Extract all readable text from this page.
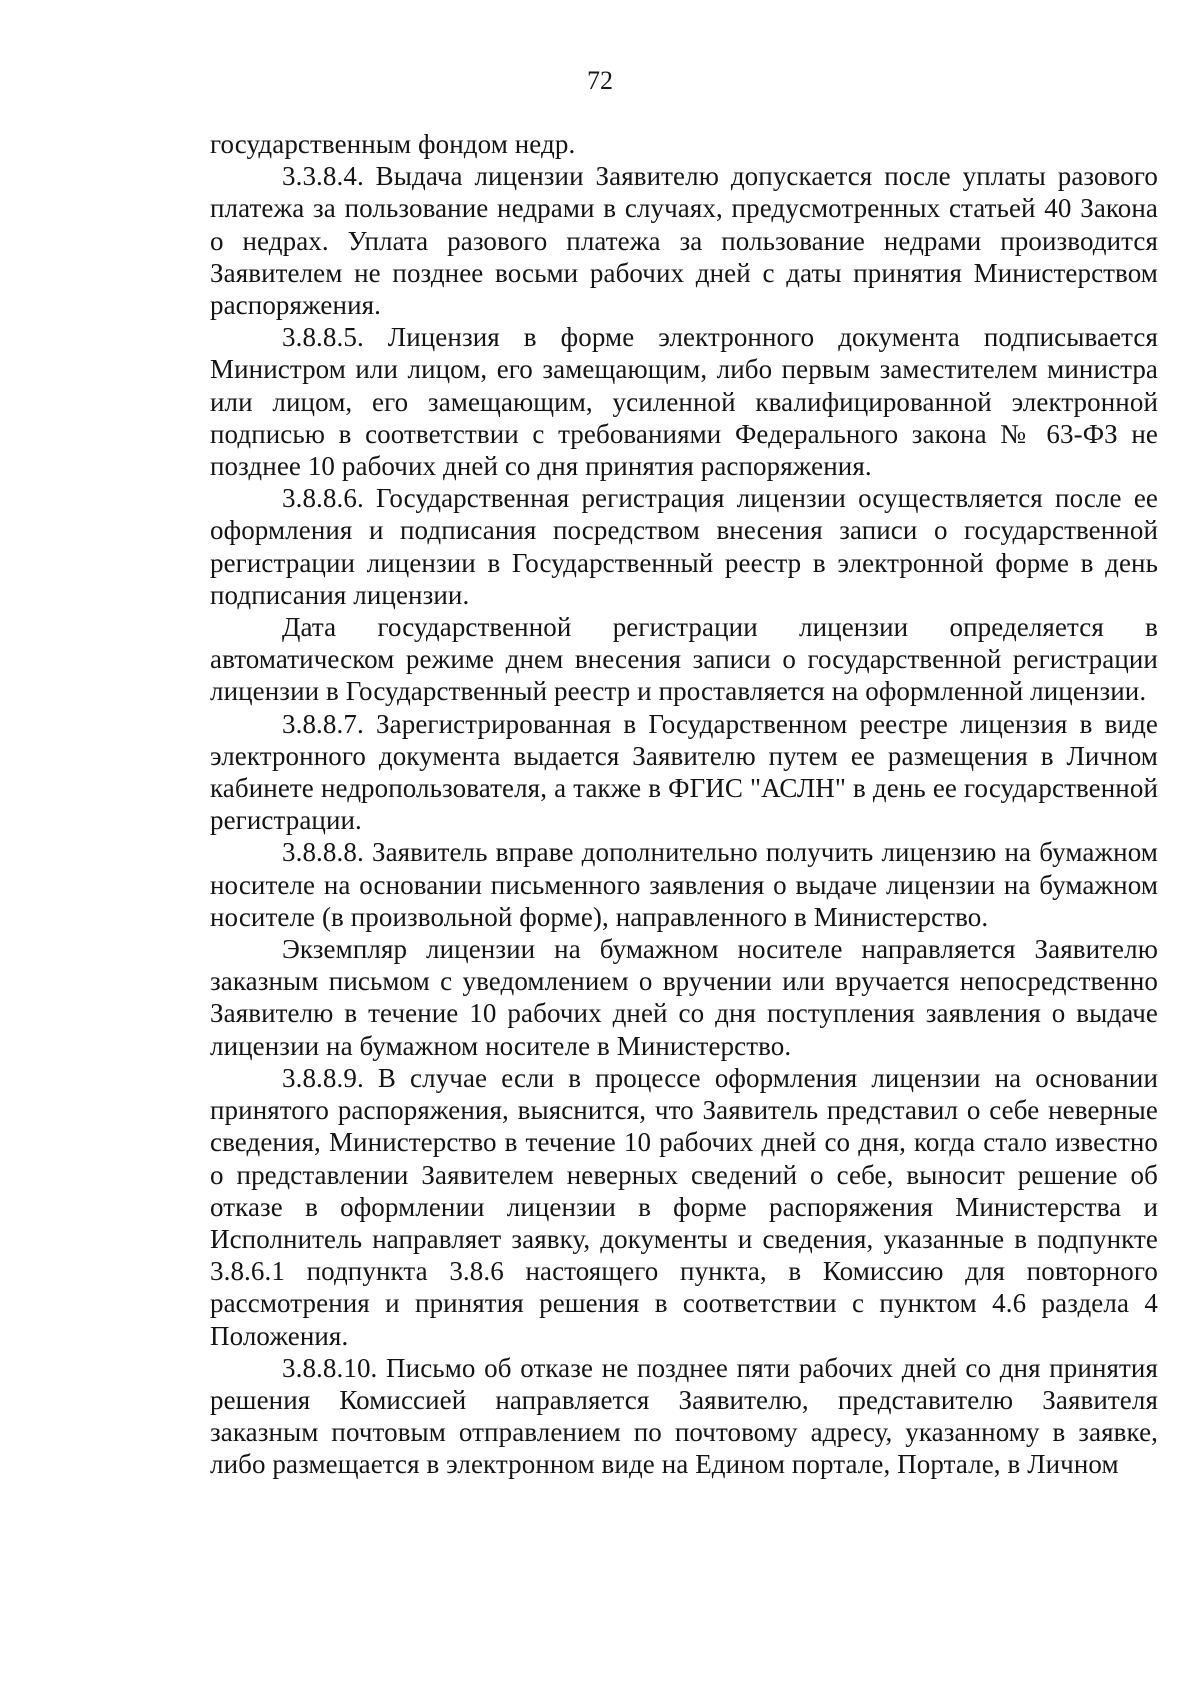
72

государственным фондом недр.

3.3.8.4. Выдача лицензии Заявителю допускается после уплаты разового платежа за пользование недрами в случаях, предусмотренных статьей 40 Закона о недрах. Уплата разового платежа за пользование недрами производится Заявителем не позднее восьми рабочих дней с даты принятия Министерством распоряжения.

3.8.8.5. Лицензия в форме электронного документа подписывается Министром или лицом, его замещающим, либо первым заместителем министра или лицом, его замещающим, усиленной квалифицированной электронной подписью в соответствии с требованиями Федерального закона № 63-ФЗ не позднее 10 рабочих дней со дня принятия распоряжения.

3.8.8.6. Государственная регистрация лицензии осуществляется после ее оформления и подписания посредством внесения записи о государственной регистрации лицензии в Государственный реестр в электронной форме в день подписания лицензии.

Дата государственной регистрации лицензии определяется в автоматическом режиме днем внесения записи о государственной регистрации лицензии в Государственный реестр и проставляется на оформленной лицензии.

3.8.8.7. Зарегистрированная в Государственном реестре лицензия в виде электронного документа выдается Заявителю путем ее размещения в Личном кабинете недропользователя, а также в ФГИС "АСЛН" в день ее государственной регистрации.

3.8.8.8. Заявитель вправе дополнительно получить лицензию на бумажном носителе на основании письменного заявления о выдаче лицензии на бумажном носителе (в произвольной форме), направленного в Министерство.

Экземпляр лицензии на бумажном носителе направляется Заявителю заказным письмом с уведомлением о вручении или вручается непосредственно Заявителю в течение 10 рабочих дней со дня поступления заявления о выдаче лицензии на бумажном носителе в Министерство.

3.8.8.9. В случае если в процессе оформления лицензии на основании принятого распоряжения, выяснится, что Заявитель представил о себе неверные сведения, Министерство в течение 10 рабочих дней со дня, когда стало известно о представлении Заявителем неверных сведений о себе, выносит решение об отказе в оформлении лицензии в форме распоряжения Министерства и Исполнитель направляет заявку, документы и сведения, указанные в подпункте 3.8.6.1 подпункта 3.8.6 настоящего пункта, в Комиссию для повторного рассмотрения и принятия решения в соответствии с пунктом 4.6 раздела 4 Положения.

3.8.8.10. Письмо об отказе не позднее пяти рабочих дней со дня принятия решения Комиссией направляется Заявителю, представителю Заявителя заказным почтовым отправлением по почтовому адресу, указанному в заявке, либо размещается в электронном виде на Едином портале, Портале, в Личном
